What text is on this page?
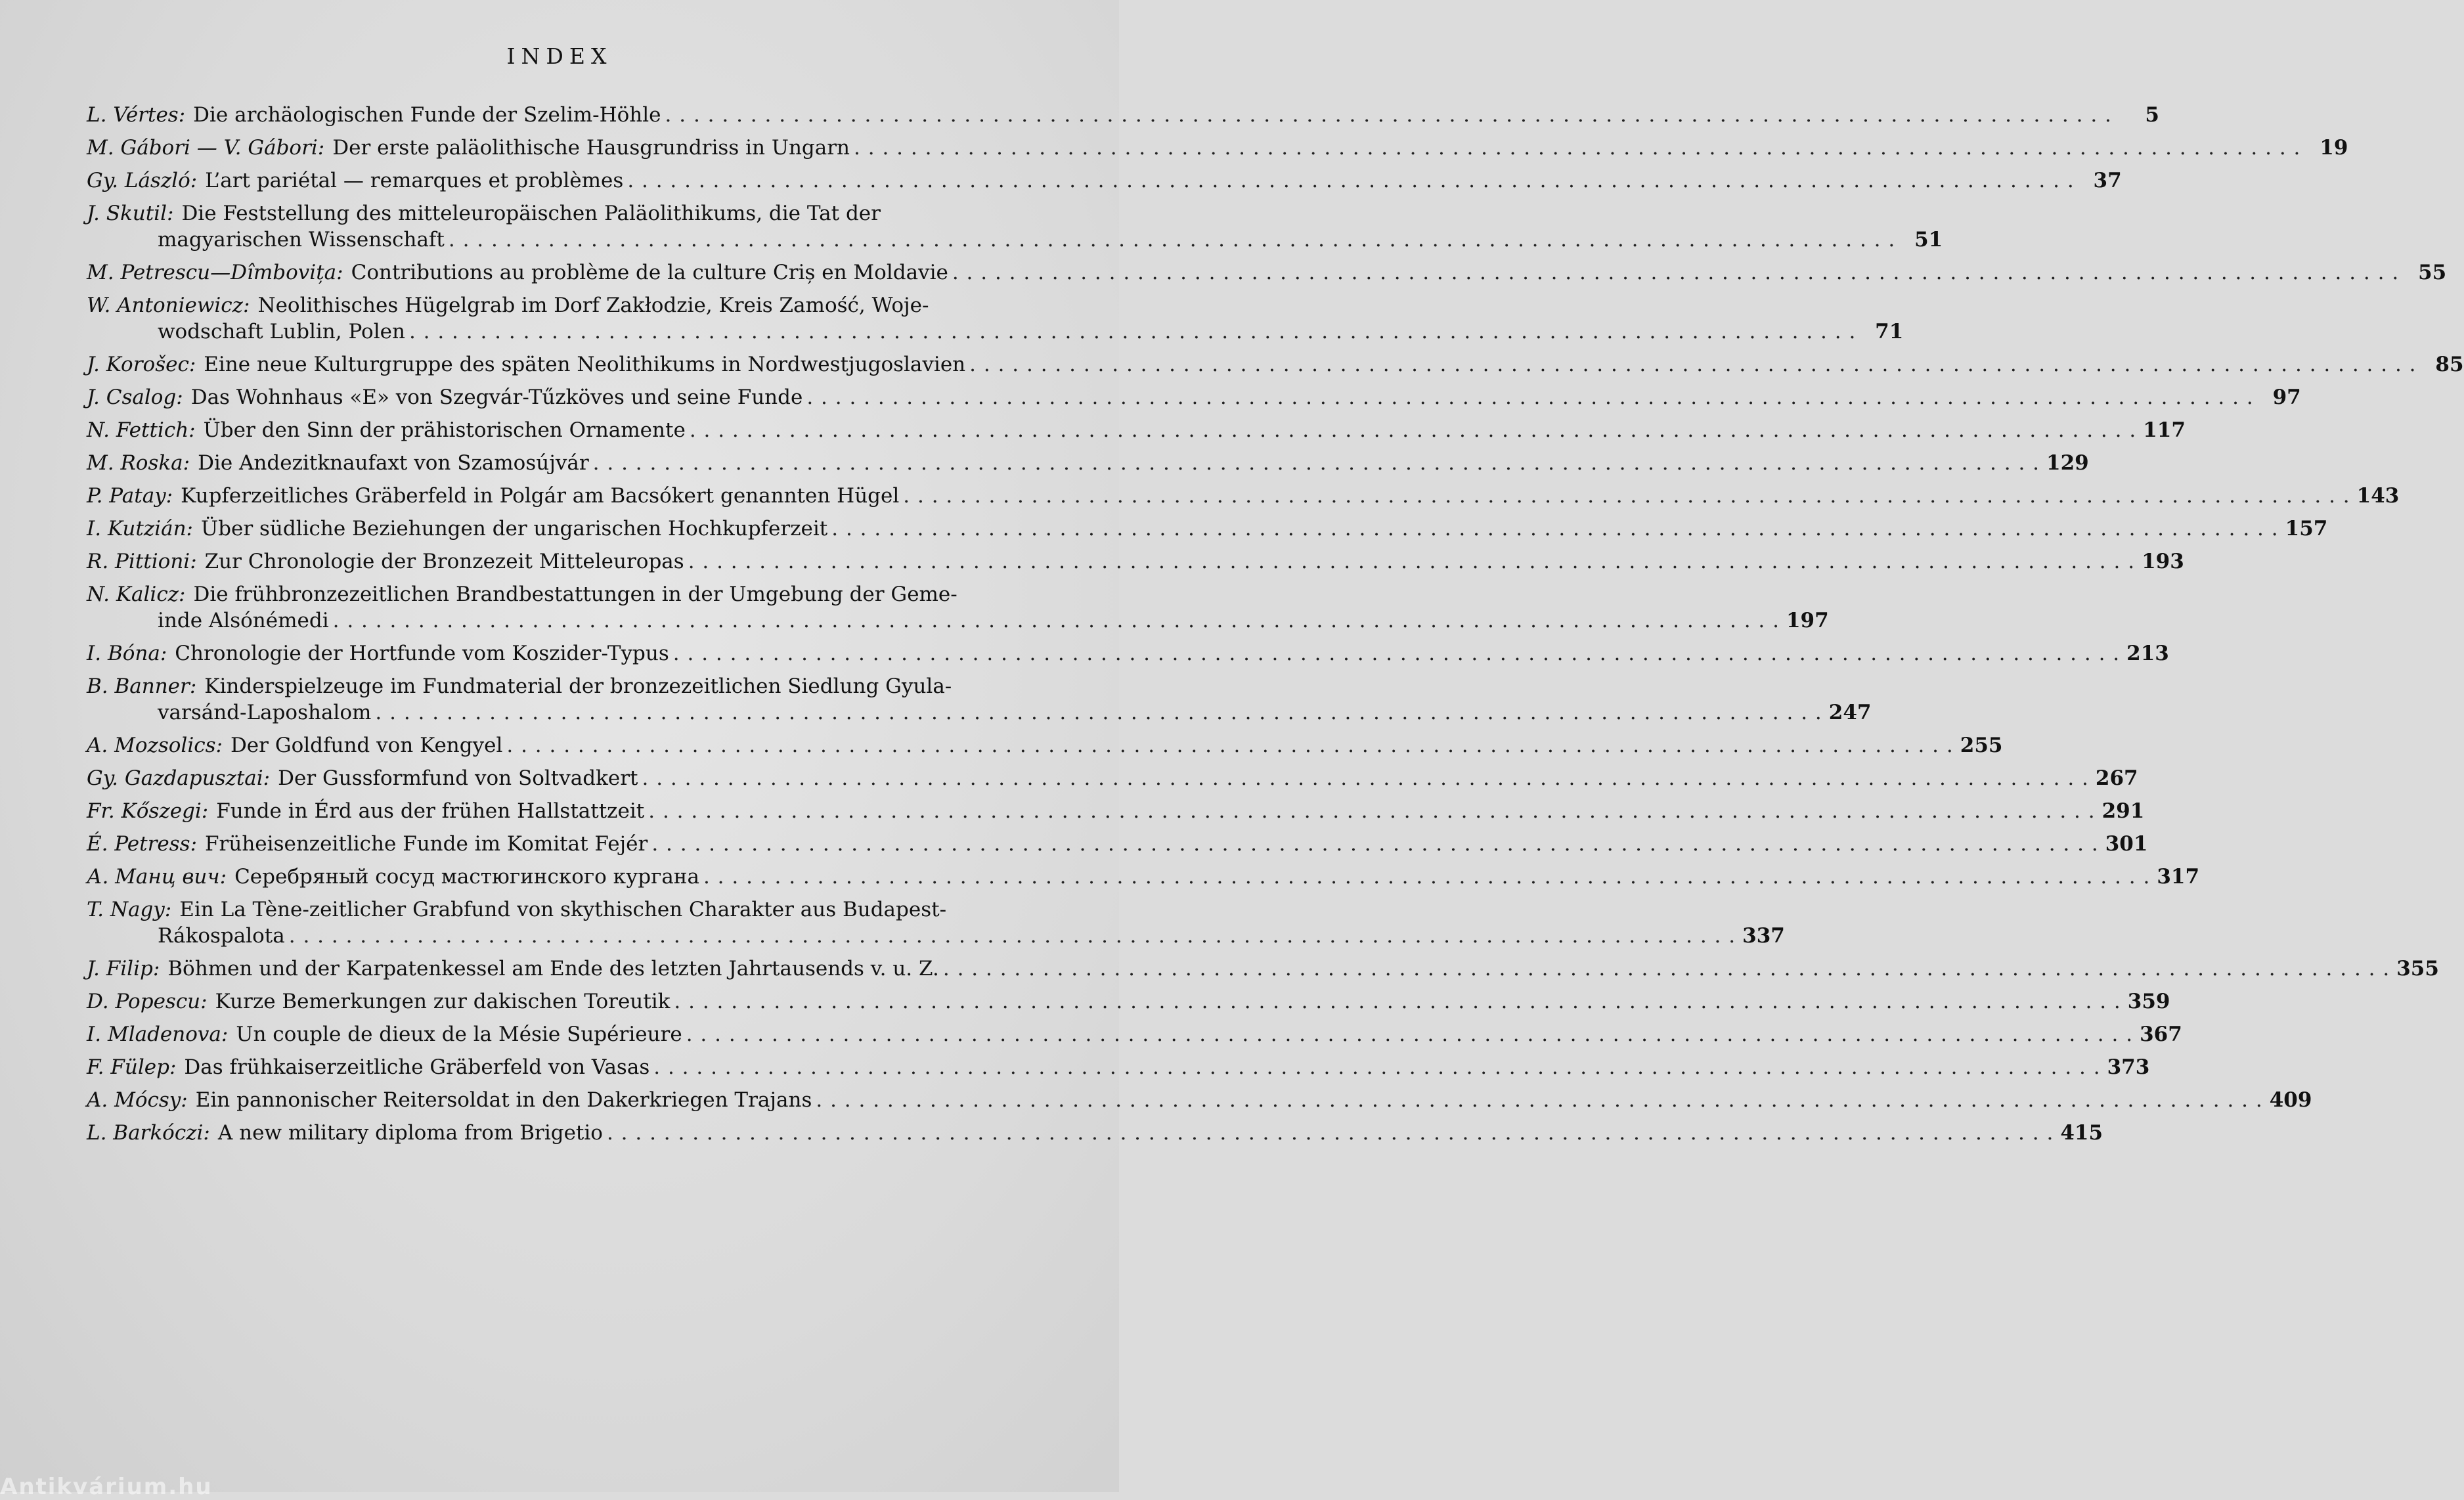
INDEX
L. Vértes: Die archäologischen Funde der Szelim-Höhle . . .	5
M. Gábori — V. Gábori: Der erste paläolithische Hausgrundriss in Ungarn . . .	19
Gy. László: L’art pariétal — remarques et problèmes . . .	37
J. Skutil: Die Feststellung des mitteleuropäischen Paläolithikums, die Tat der
magyarischen Wissenschaft . . .	51
M. Petrescu—Dîmbovița: Contributions au problème de la culture Criș en Moldavie . . .	55
W. Antoniewicz: Neolithisches Hügelgrab im Dorf Zakłodzie, Kreis Zamość, Woje-
wodschaft Lublin, Polen . . .	71
J. Korošec: Eine neue Kulturgruppe des späten Neolithikums in Nordwestjugoslavien . . .	85
J. Csalog: Das Wohnhaus «E» von Szegvár-Tűzköves und seine Funde . . .	97
N. Fettich: Über den Sinn der prähistorischen Ornamente . . .	117
M. Roska: Die Andezitknaufaxt von Szamosújvár . . .	129
P. Patay: Kupferzeitliches Gräberfeld in Polgár am Bacsókert genannten Hügel . . .	143
I. Kutzián: Über südliche Beziehungen der ungarischen Hochkupferzeit . . .	157
R. Pittioni: Zur Chronologie der Bronzezeit Mitteleuropas . . .	193
N. Kalicz: Die frühbronzezeitlichen Brandbestattungen in der Umgebung der Geme-
inde Alsónémedi . . .	197
I. Bóna: Chronologie der Hortfunde vom Koszider-Typus . . .	213
B. Banner: Kinderspielzeuge im Fundmaterial der bronzezeitlichen Siedlung Gyula-
varsánd-Laposhalom . . .	247
A. Mozsolics: Der Goldfund von Kengyel . . .	255
Gy. Gazdapusztai: Der Gussformfund von Soltvadkert . . .	267
Fr. Kőszegi: Funde in Érd aus der frühen Hallstattzeit . . .	291
É. Petress: Früheisenzeitliche Funde im Komitat Fejér . . .	301
А. Манц вич: Серебряный сосуд мастюгинского кургана . . .	317
T. Nagy: Ein La Tène-zeitlicher Grabfund von skythischen Charakter aus Budapest-
Rákospalota . . .	337
J. Filip: Böhmen und der Karpatenkessel am Ende des letzten Jahrtausends v. u. Z. . . .	355
D. Popescu: Kurze Bemerkungen zur dakischen Toreutik . . .	359
I. Mladenova: Un couple de dieux de la Mésie Supérieure . . .	367
F. Fülep: Das frühkaiserzeitliche Gräberfeld von Vasas . . .	373
A. Mócsy: Ein pannonischer Reitersoldat in den Dakerkriegen Trajans . . .	409
L. Barkóczi: A new military diploma from Brigetio . . .	415
Antikvárium.hu
